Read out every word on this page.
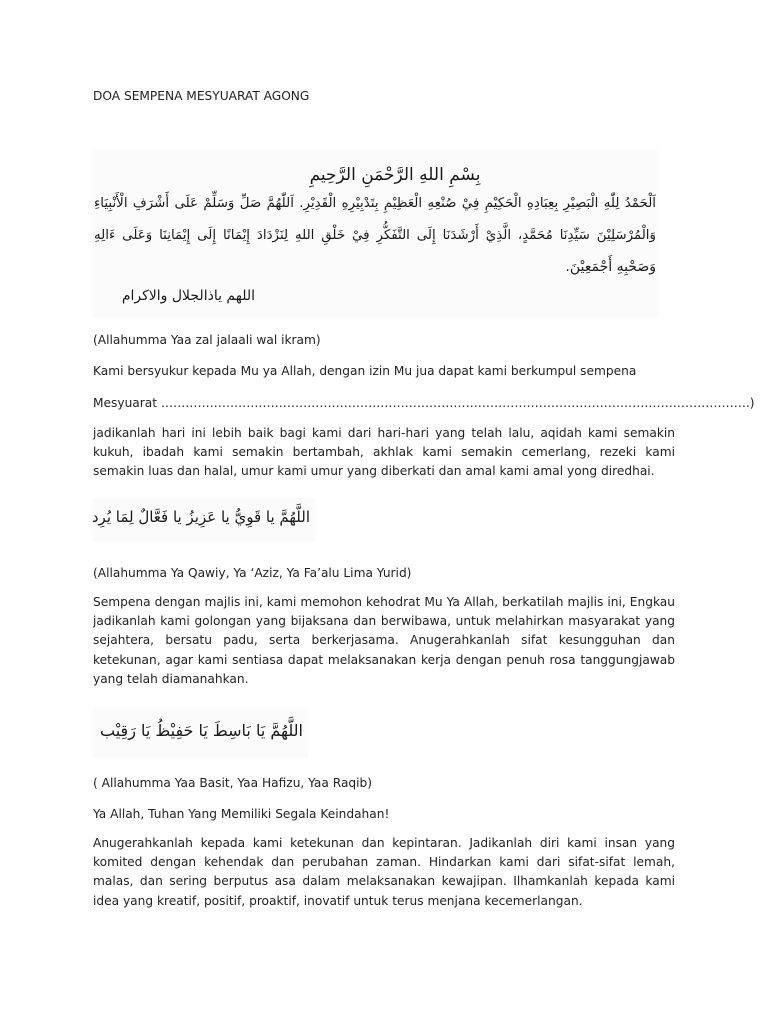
DOA SEMPENA MESYUARAT AGONG

بِسْمِ اللهِ الرَّحْمَنِ الرَّحِيمِ

اَلْحَمْدُ لِلّٰهِ الْبَصِيْرِ بِعِبَادِهِ الْحَكِيْمِ فِيْ صُنْعِهِ الْعَظِيْمِ بِتَدْبِيْرِهِ الْقَدِيْرِ. اَللّٰهُمَّ صَلِّ وَسَلِّمْ عَلَى أَشْرَفِ الْأَنْبِيَاءِ

وَالْمُرْسَلِيْنَ سَيِّدِنَا مُحَمَّدٍ، الَّذِيْ أَرْشَدَنَا إِلَى التَّفَكُّرِ فِيْ خَلْقِ اللهِ لِنَزْدَادَ إِيْمَانًا إِلَى إِيْمَانِنَا وَعَلَى ءَالِهِ

وَصَحْبِهِ أَجْمَعِيْنَ.

اللهم ياذالجلال والاكرام

(Allahumma Yaa zal jalaali wal ikram)

Kami bersyukur kepada Mu ya Allah, dengan izin Mu jua dapat kami berkumpul sempena

Mesyuarat ……………………………………………………………………………………………………………………………….)

jadikanlah hari ini lebih baik bagi kami dari hari-hari yang telah lalu, aqidah kami semakin kukuh, ibadah kami semakin bertambah, akhlak kami semakin cemerlang, rezeki kami semakin luas dan halal, umur kami umur yang diberkati dan amal kami amal yong diredhai.

اللَّهُمَّ يا قَوِيُّ يا عَزِيزُ يا فَعَّالٌ لِمَا يُرِد

(Allahumma Ya Qawiy, Ya ‘Aziz, Ya Fa’alu Lima Yurid)

Sempena dengan majlis ini, kami memohon kehodrat Mu Ya Allah, berkatilah majlis ini, Engkau jadikanlah kami golongan yang bijaksana dan berwibawa, untuk melahirkan masyarakat yang sejahtera, bersatu padu, serta berkerjasama. Anugerahkanlah sifat kesungguhan dan ketekunan, agar kami sentiasa dapat melaksanakan kerja dengan penuh rosa tanggungjawab yang telah diamanahkan.

اللَّهُمَّ يَا بَاسِطَ يَا حَفِيْظُ يَا رَقِيْب

( Allahumma Yaa Basit, Yaa Hafizu, Yaa Raqib)

Ya Allah, Tuhan Yang Memiliki Segala Keindahan!

Anugerahkanlah kepada kami ketekunan dan kepintaran. Jadikanlah diri kami insan yang komited dengan kehendak dan perubahan zaman. Hindarkan kami dari sifat-sifat lemah, malas, dan sering berputus asa dalam melaksanakan kewajipan. Ilhamkanlah kepada kami idea yang kreatif, positif, proaktif, inovatif untuk terus menjana kecemerlangan.
